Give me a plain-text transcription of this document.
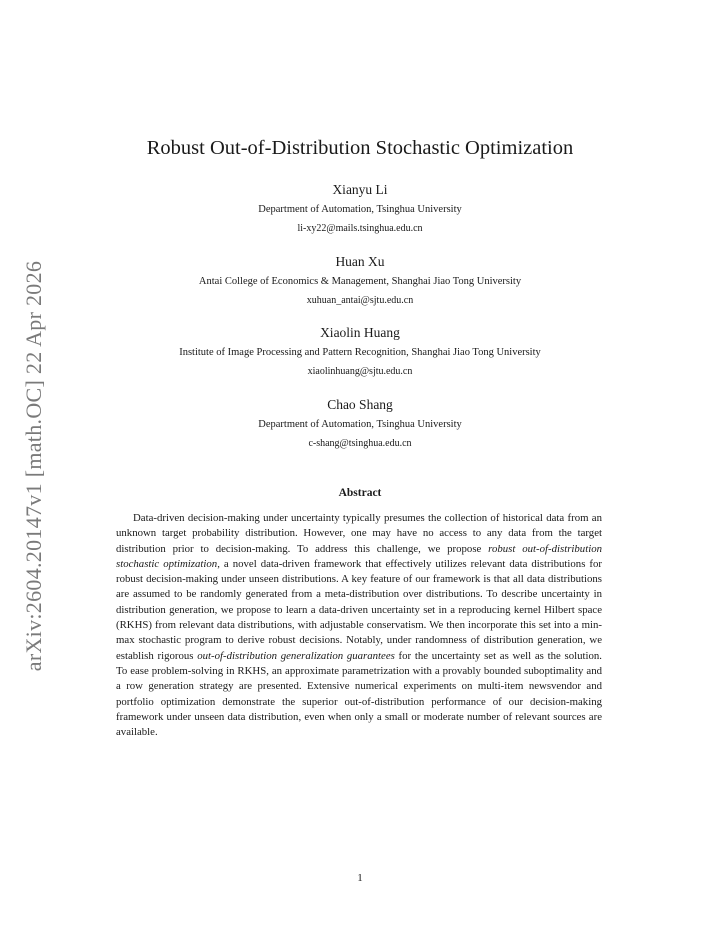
arXiv:2604.20147v1 [math.OC] 22 Apr 2026
Robust Out-of-Distribution Stochastic Optimization
Xianyu Li
Department of Automation, Tsinghua University
li-xy22@mails.tsinghua.edu.cn
Huan Xu
Antai College of Economics & Management, Shanghai Jiao Tong University
xuhuan_antai@sjtu.edu.cn
Xiaolin Huang
Institute of Image Processing and Pattern Recognition, Shanghai Jiao Tong University
xiaolinhuang@sjtu.edu.cn
Chao Shang
Department of Automation, Tsinghua University
c-shang@tsinghua.edu.cn
Abstract

Data-driven decision-making under uncertainty typically presumes the collection of historical data from an unknown target probability distribution. However, one may have no access to any data from the target distribution prior to decision-making. To address this challenge, we propose robust out-of-distribution stochastic optimization, a novel data-driven framework that effectively utilizes relevant data distributions for robust decision-making under unseen distributions. A key feature of our framework is that all data distributions are assumed to be randomly generated from a meta-distribution over distributions. To describe uncertainty in distribution generation, we propose to learn a data-driven uncertainty set in a reproducing kernel Hilbert space (RKHS) from relevant data distributions, with adjustable conservatism. We then incorporate this set into a min-max stochastic program to derive robust decisions. Notably, under randomness of distribution generation, we establish rigorous out-of-distribution generalization guarantees for the uncertainty set as well as the solution. To ease problem-solving in RKHS, an approximate parametrization with a provably bounded suboptimality and a row generation strategy are presented. Extensive numerical experiments on multi-item newsvendor and portfolio optimization demonstrate the superior out-of-distribution performance of our decision-making framework under unseen data distribution, even when only a small or moderate number of relevant sources are available.

1
